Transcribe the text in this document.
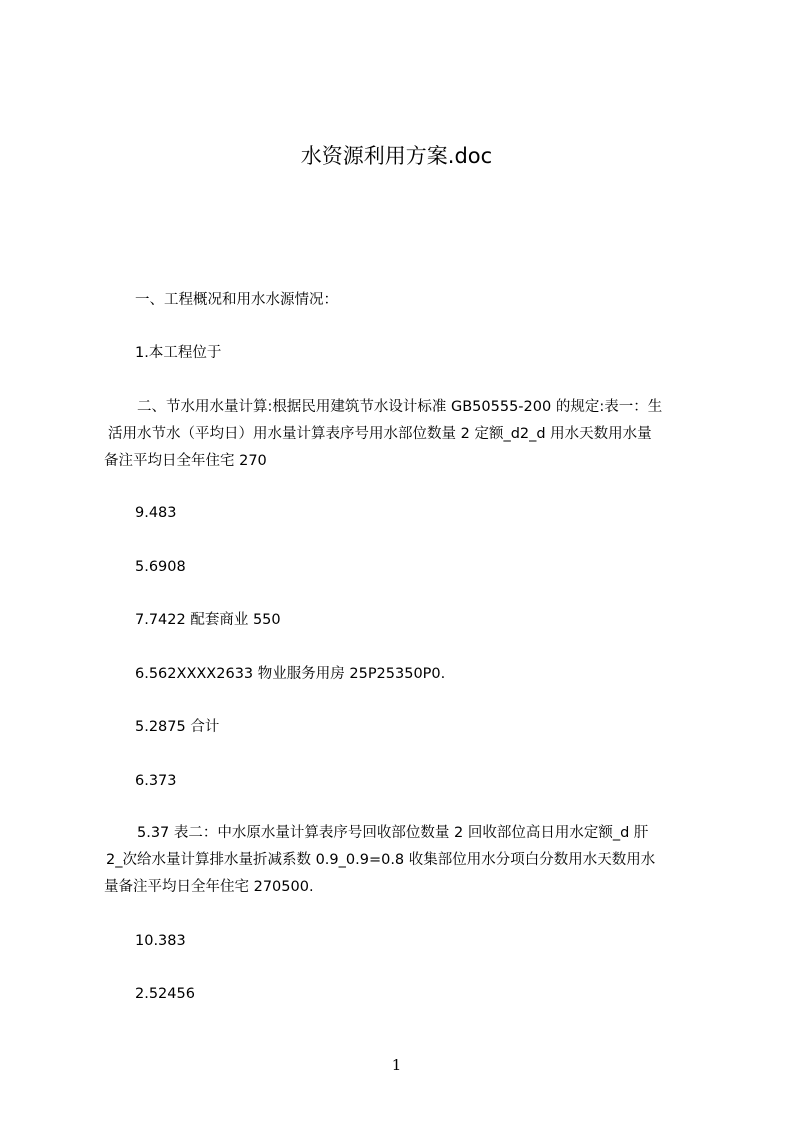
水资源利用方案.doc
一、工程概况和用水水源情况：
1.本工程位于
二、节水用水量计算:根据民用建筑节水设计标准 GB50555-200 的规定:表一：生
活用水节水（平均日）用水量计算表序号用水部位数量 2 定额_d2_d 用水天数用水量
备注平均日全年住宅 270
9.483
5.6908
7.7422 配套商业 550
6.562XXXX2633 物业服务用房 25P25350P0.
5.2875 合计
6.373
5.37 表二：中水原水量计算表序号回收部位数量 2 回收部位高日用水定额_d 肝
2_次给水量计算排水量折减系数 0.9_0.9=0.8 收集部位用水分项白分数用水天数用水
量备注平均日全年住宅 270500.
10.383
2.52456
1
